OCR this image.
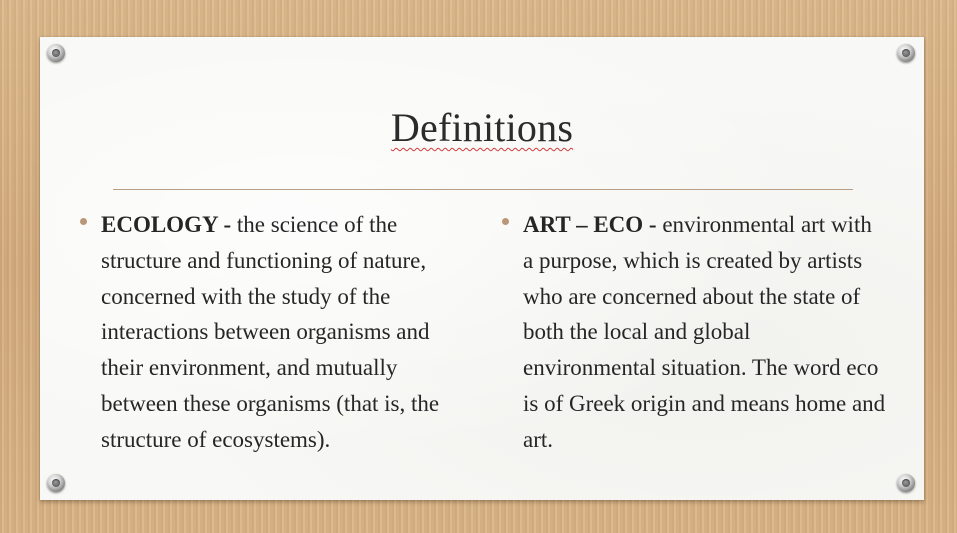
Definitions

ECOLOGY - the science of the structure and functioning of nature, concerned with the study of the interactions between organisms and their environment, and mutually between these organisms (that is, the structure of ecosystems).

ART – ECO - environmental art with a purpose, which is created by artists who are concerned about the state of both the local and global environmental situation. The word eco is of Greek origin and means home and art.
